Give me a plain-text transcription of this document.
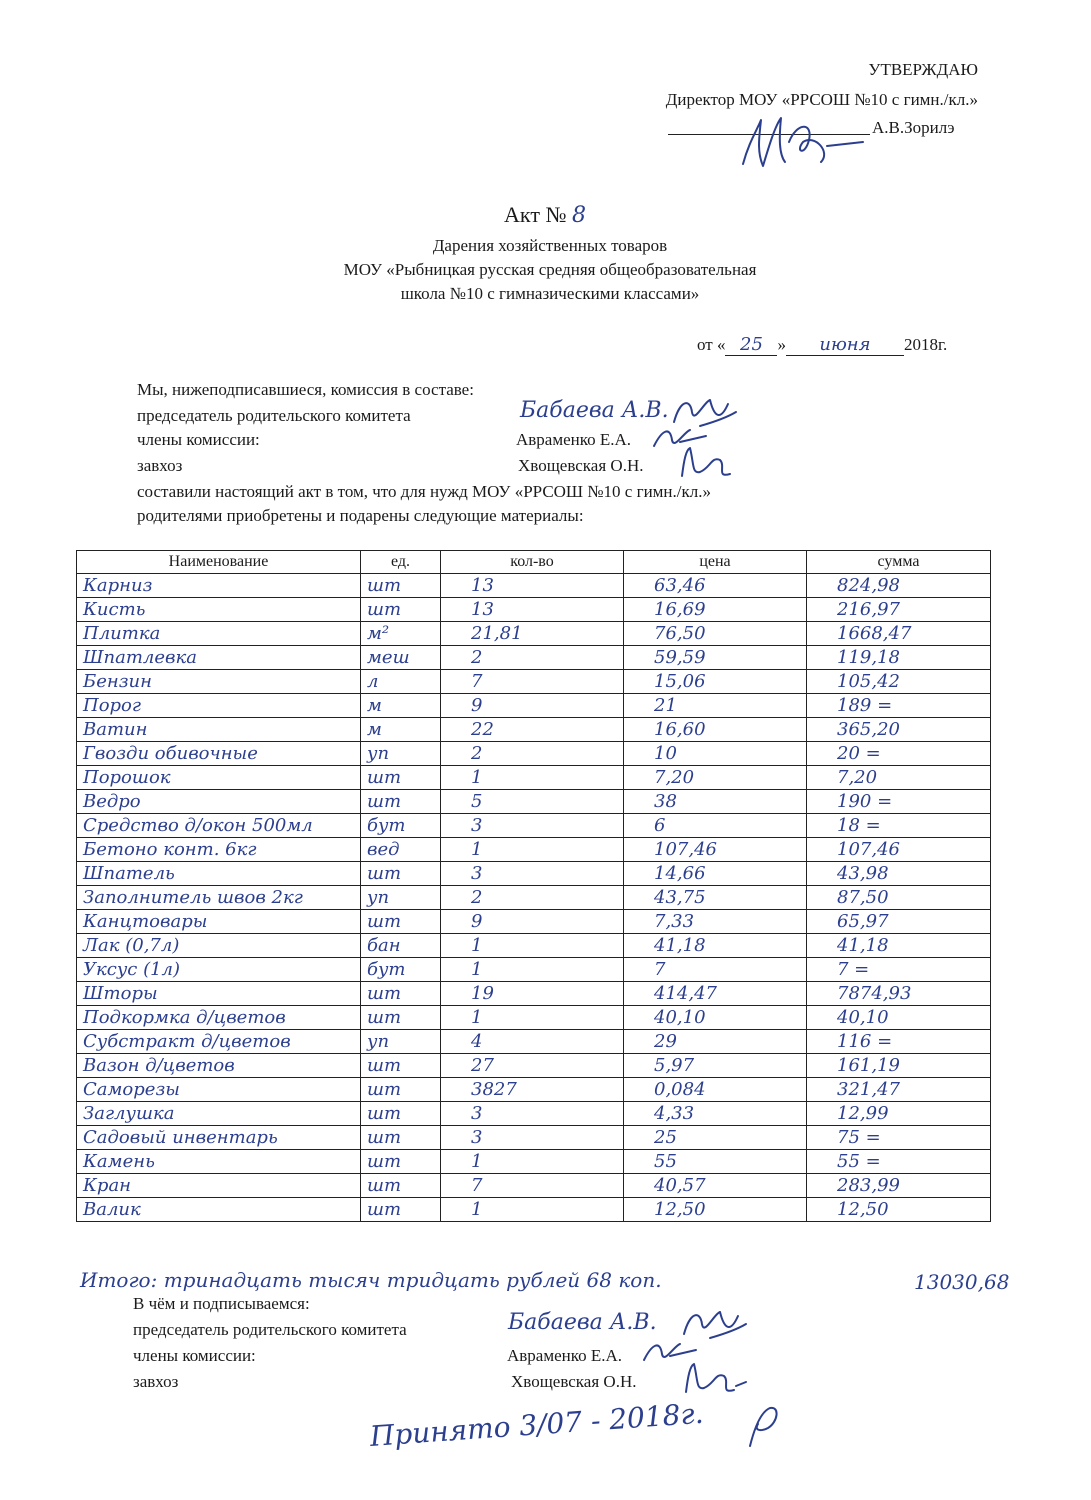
УТВЕРЖДАЮ
Директор МОУ «РРСОШ №10 с гимн./кл.»
А.В.Зорилэ
Акт № 8
Дарения хозяйственных товаров
МОУ «Рыбницкая русская средняя общеобразовательная
школа №10 с гимназическими классами»
от « 25 » июня 2018г.
Мы, нижеподписавшиеся, комиссия в составе:
председатель родительского комитета	Бабаева А.В.
члены комиссии:	Авраменко Е.А.
завхоз	Хвощевская О.Н.
составили настоящий акт в том, что для нужд МОУ «РРСОШ №10 с гимн./кл.»
родителями приобретены и подарены следующие материалы:
Наименование	ед.	кол-во	цена	сумма
Карниз	шт	13	63,46	824,98
Кисть	шт	13	16,69	216,97
Плитка	м²	21,81	76,50	1668,47
Шпатлевка	меш	2	59,59	119,18
Бензин	л	7	15,06	105,42
Порог	м	9	21	189 =
Ватин	м	22	16,60	365,20
Гвозди обивочные	уп	2	10	20 =
Порошок	шт	1	7,20	7,20
Ведро	шт	5	38	190 =
Средство д/окон 500мл	бут	3	6	18 =
Бетоно конт. 6кг	вед	1	107,46	107,46
Шпатель	шт	3	14,66	43,98
Заполнитель швов 2кг	уп	2	43,75	87,50
Канцтовары	шт	9	7,33	65,97
Лак (0,7л)	бан	1	41,18	41,18
Уксус (1л)	бут	1	7	7 =
Шторы	шт	19	414,47	7874,93
Подкормка д/цветов	шт	1	40,10	40,10
Субстракт д/цветов	уп	4	29	116 =
Вазон д/цветов	шт	27	5,97	161,19
Саморезы	шт	3827	0,084	321,47
Заглушка	шт	3	4,33	12,99
Садовый инвентарь	шт	3	25	75 =
Камень	шт	1	55	55 =
Кран	шт	7	40,57	283,99
Валик	шт	1	12,50	12,50
Итого: тринадцать тысяч тридцать рублей 68 коп.	13030,68
В чём и подписываемся:
председатель родительского комитета	Бабаева А.В.
члены комиссии:	Авраменко Е.А.
завхоз	Хвощевская О.Н.
Принято 3/07 - 2018г.
